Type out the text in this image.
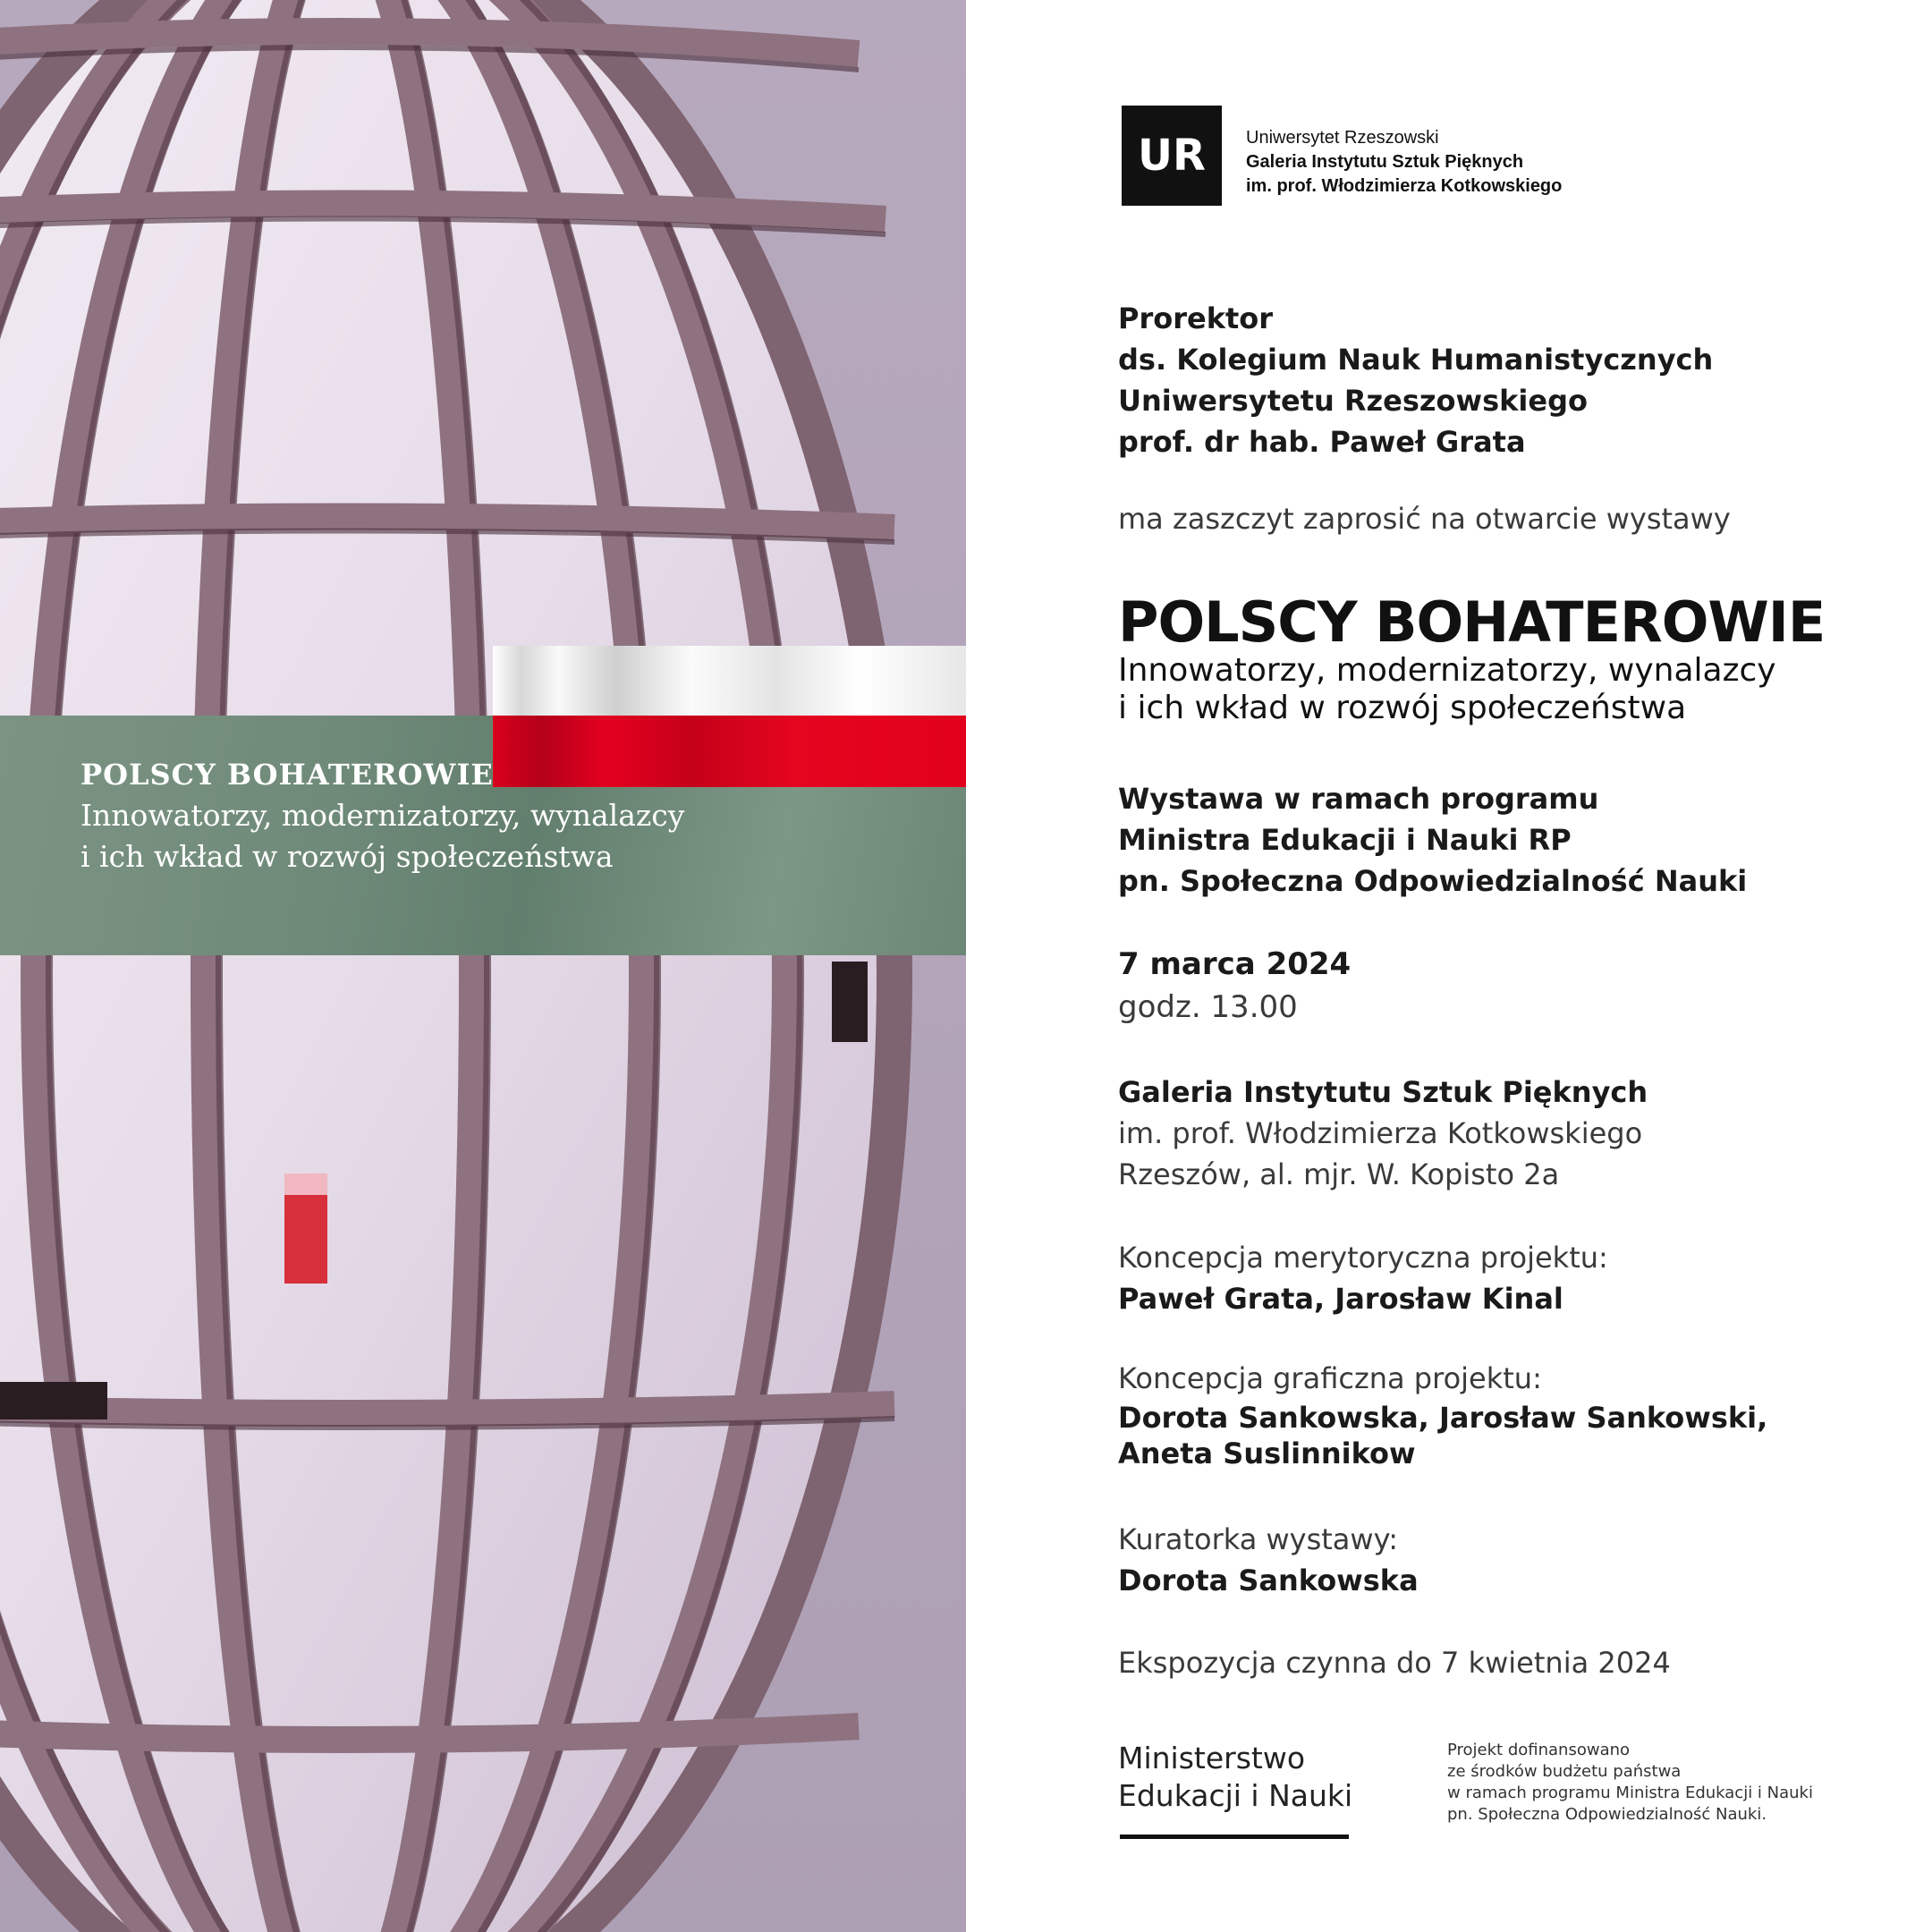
POLSCY BOHATEROWIE
Innowatorzy, modernizatorzy, wynalazcy
i ich wkład w rozwój społeczeństwa
UR Uniwersytet Rzeszowski
Galeria Instytutu Sztuk Pięknych
im. prof. Włodzimierza Kotkowskiego
Prorektor
ds. Kolegium Nauk Humanistycznych
Uniwersytetu Rzeszowskiego
prof. dr hab. Paweł Grata
ma zaszczyt zaprosić na otwarcie wystawy
POLSCY BOHATEROWIE
Innowatorzy, modernizatorzy, wynalazcy
i ich wkład w rozwój społeczeństwa
Wystawa w ramach programu
Ministra Edukacji i Nauki RP
pn. Społeczna Odpowiedzialność Nauki
7 marca 2024
godz. 13.00
Galeria Instytutu Sztuk Pięknych
im. prof. Włodzimierza Kotkowskiego
Rzeszów, al. mjr. W. Kopisto 2a
Koncepcja merytoryczna projektu:
Paweł Grata, Jarosław Kinal
Koncepcja graficzna projektu:
Dorota Sankowska, Jarosław Sankowski,
Aneta Suslinnikow
Kuratorka wystawy:
Dorota Sankowska
Ekspozycja czynna do 7 kwietnia 2024
Ministerstwo
Edukacji i Nauki
Projekt dofinansowano
ze środków budżetu państwa
w ramach programu Ministra Edukacji i Nauki
pn. Społeczna Odpowiedzialność Nauki.
